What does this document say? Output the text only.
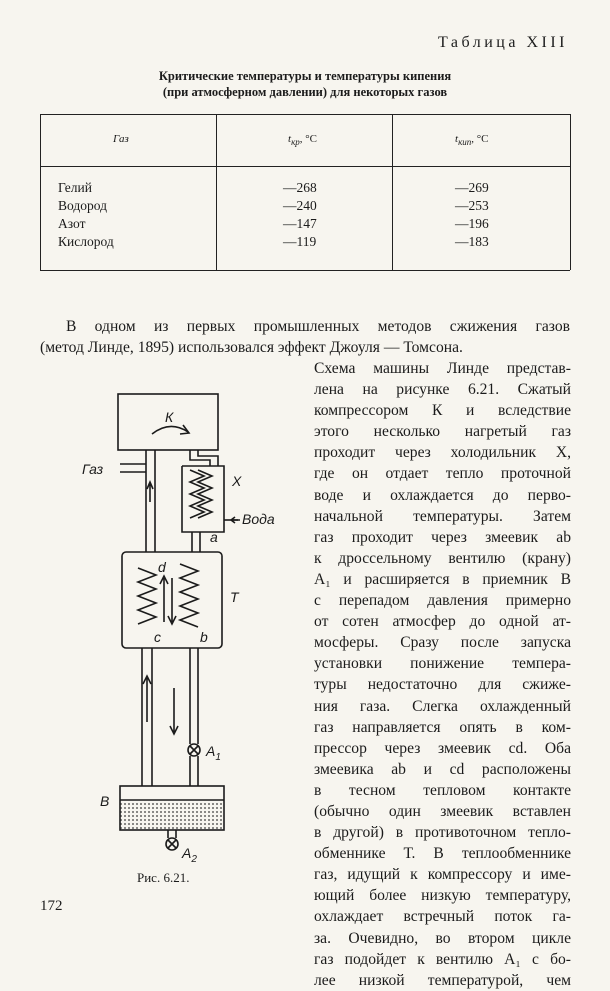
Таблица XIII
Критические температуры и температуры кипения
(при атмосферном давлении) для некоторых газов
Газ	$t_{кр}$, °С	$t_{кип}$, °С
Гелий	—268	—269
Водород	—240	—253
Азот	—147	—196
Кислород	—119	—183
В одном из первых промышленных методов сжижения газов
(метод Линде, 1895) использовался эффект Джоуля — Томсона.
Схема машины Линде представ-
лена на рисунке 6.21. Сжатый
компрессором К и вследствие
этого несколько нагретый газ
проходит через холодильник Х,
где он отдает тепло проточной
воде и охлаждается до перво-
начальной температуры. Затем
газ проходит через змеевик ab
к дроссельному вентилю (крану)
A₁ и расширяется в приемник В
с перепадом давления примерно
от сотен атмосфер до одной ат-
мосферы. Сразу после запуска
установки понижение темпера-
туры недостаточно для сжиже-
ния газа. Слегка охлажденный
газ направляется опять в ком-
прессор через змеевик cd. Оба
змеевика ab и cd расположены
в тесном тепловом контакте
(обычно один змеевик вставлен
в другой) в противоточном тепло-
обменнике Т. В теплообменнике
газ, идущий к компрессору и име-
ющий более низкую температуру,
охлаждает встречный поток га-
за. Очевидно, во втором цикле
газ подойдет к вентилю A₁ с бо-
лее низкой температурой, чем
К
Газ
Х
Вода
a
d
c	b
Т
$A_1$
В
$A_2$
Рис. 6.21.
172
